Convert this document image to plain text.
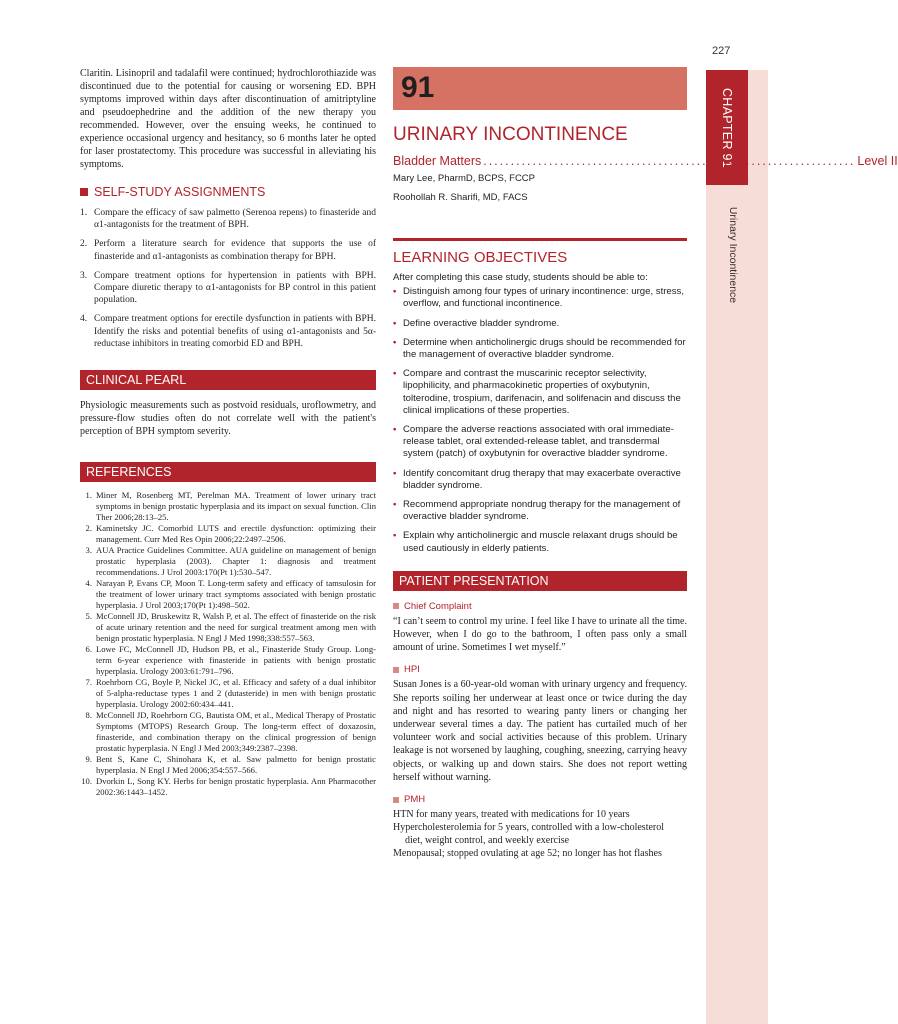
227
CHAPTER 91
Urinary Incontinence

Claritin. Lisinopril and tadalafil were continued; hydrochlorothiazide was discontinued due to the potential for causing or worsening ED. BPH symptoms improved within days after discontinuation of amitriptyline and pseudoephedrine and the addition of the new therapy you recommended. However, over the ensuing weeks, he continued to experience occasional urgency and hesitancy, so 6 months later he opted for laser prostatectomy. This procedure was successful in alleviating his symptoms.

SELF-STUDY ASSIGNMENTS
1. Compare the efficacy of saw palmetto (Serenoa repens) to finasteride and α1-antagonists for the treatment of BPH.
2. Perform a literature search for evidence that supports the use of finasteride and α1-antagonists as combination therapy for BPH.
3. Compare treatment options for hypertension in patients with BPH. Compare diuretic therapy to α1-antagonists for BP control in this patient population.
4. Compare treatment options for erectile dysfunction in patients with BPH. Identify the risks and potential benefits of using α1-antagonists and 5α-reductase inhibitors in treating comorbid ED and BPH.
CLINICAL PEARL

Physiologic measurements such as postvoid residuals, uroflowmetry, and pressure-flow studies often do not correlate well with the patient's perception of BPH symptom severity.

REFERENCES
1. Miner M, Rosenberg MT, Perelman MA. Treatment of lower urinary tract symptoms in benign prostatic hyperplasia and its impact on sexual function. Clin Ther 2006;28:13–25.
2. Kaminetsky JC. Comorbid LUTS and erectile dysfunction: optimizing their management. Curr Med Res Opin 2006;22:2497–2506.
3. AUA Practice Guidelines Committee. AUA guideline on management of benign prostatic hyperplasia (2003). Chapter 1: diagnosis and treatment recommendations. J Urol 2003:170(Pt 1):530–547.
4. Narayan P, Evans CP, Moon T. Long-term safety and efficacy of tamsulosin for the treatment of lower urinary tract symptoms associated with benign prostatic hyperplasia. J Urol 2003;170(Pt 1):498–502.
5. McConnell JD, Bruskewitz R, Walsh P, et al. The effect of finasteride on the risk of acute urinary retention and the need for surgical treatment among men with benign prostatic hyperplasia. N Engl J Med 1998;338:557–563.
6. Lowe FC, McConnell JD, Hudson PB, et al., Finasteride Study Group. Long-term 6-year experience with finasteride in patients with benign prostatic hyperplasia. Urology 2003:61:791–796.
7. Roehrborn CG, Boyle P, Nickel JC, et al. Efficacy and safety of a dual inhibitor of 5-alpha-reductase types 1 and 2 (dutasteride) in men with benign prostatic hyperplasia. Urology 2002:60:434–441.
8. McConnell JD, Roehrborn CG, Bautista OM, et al., Medical Therapy of Prostatic Symptoms (MTOPS) Research Group. The long-term effect of doxazosin, finasteride, and combination therapy on the clinical progression of benign prostatic hyperplasia. N Engl J Med 2003;349:2387–2398.
9. Bent S, Kane C, Shinohara K, et al. Saw palmetto for benign prostatic hyperplasia. N Engl J Med 2006;354:557–566.
10. Dvorkin L, Song KY. Herbs for benign prostatic hyperplasia. Ann Pharmacother 2002:36:1443–1452.
91
URINARY INCONTINENCE
Bladder Matters .................................................................... Level II
Mary Lee, PharmD, BCPS, FCCP
Roohollah R. Sharifi, MD, FACS
LEARNING OBJECTIVES
After completing this case study, students should be able to:
• Distinguish among four types of urinary incontinence: urge, stress, overflow, and functional incontinence.
• Define overactive bladder syndrome.
• Determine when anticholinergic drugs should be recommended for the management of overactive bladder syndrome.
• Compare and contrast the muscarinic receptor selectivity, lipophilicity, and pharmacokinetic properties of oxybutynin, tolterodine, trospium, darifenacin, and solifenacin and discuss the clinical implications of these properties.
• Compare the adverse reactions associated with oral immediate-release tablet, oral extended-release tablet, and transdermal system (patch) of oxybutynin for overactive bladder syndrome.
• Identify concomitant drug therapy that may exacerbate overactive bladder syndrome.
• Recommend appropriate nondrug therapy for the management of overactive bladder syndrome.
• Explain why anticholinergic and muscle relaxant drugs should be used cautiously in elderly patients.
PATIENT PRESENTATION
Chief Complaint

“I can’t seem to control my urine. I feel like I have to urinate all the time. However, when I do go to the bathroom, I often pass only a small amount of urine. Sometimes I wet myself.”

HPI

Susan Jones is a 60-year-old woman with urinary urgency and frequency. She reports soiling her underwear at least once or twice during the day and night and has resorted to wearing panty liners or changing her underwear several times a day. The patient has curtailed much of her volunteer work and social activities because of this problem. Urinary leakage is not worsened by laughing, coughing, sneezing, carrying heavy objects, or walking up and down stairs. She does not report wetting herself without warning.

PMH
HTN for many years, treated with medications for 10 years
Hypercholesterolemia for 5 years, controlled with a low-cholesterol
diet, weight control, and weekly exercise
Menopausal; stopped ovulating at age 52; no longer has hot flashes
